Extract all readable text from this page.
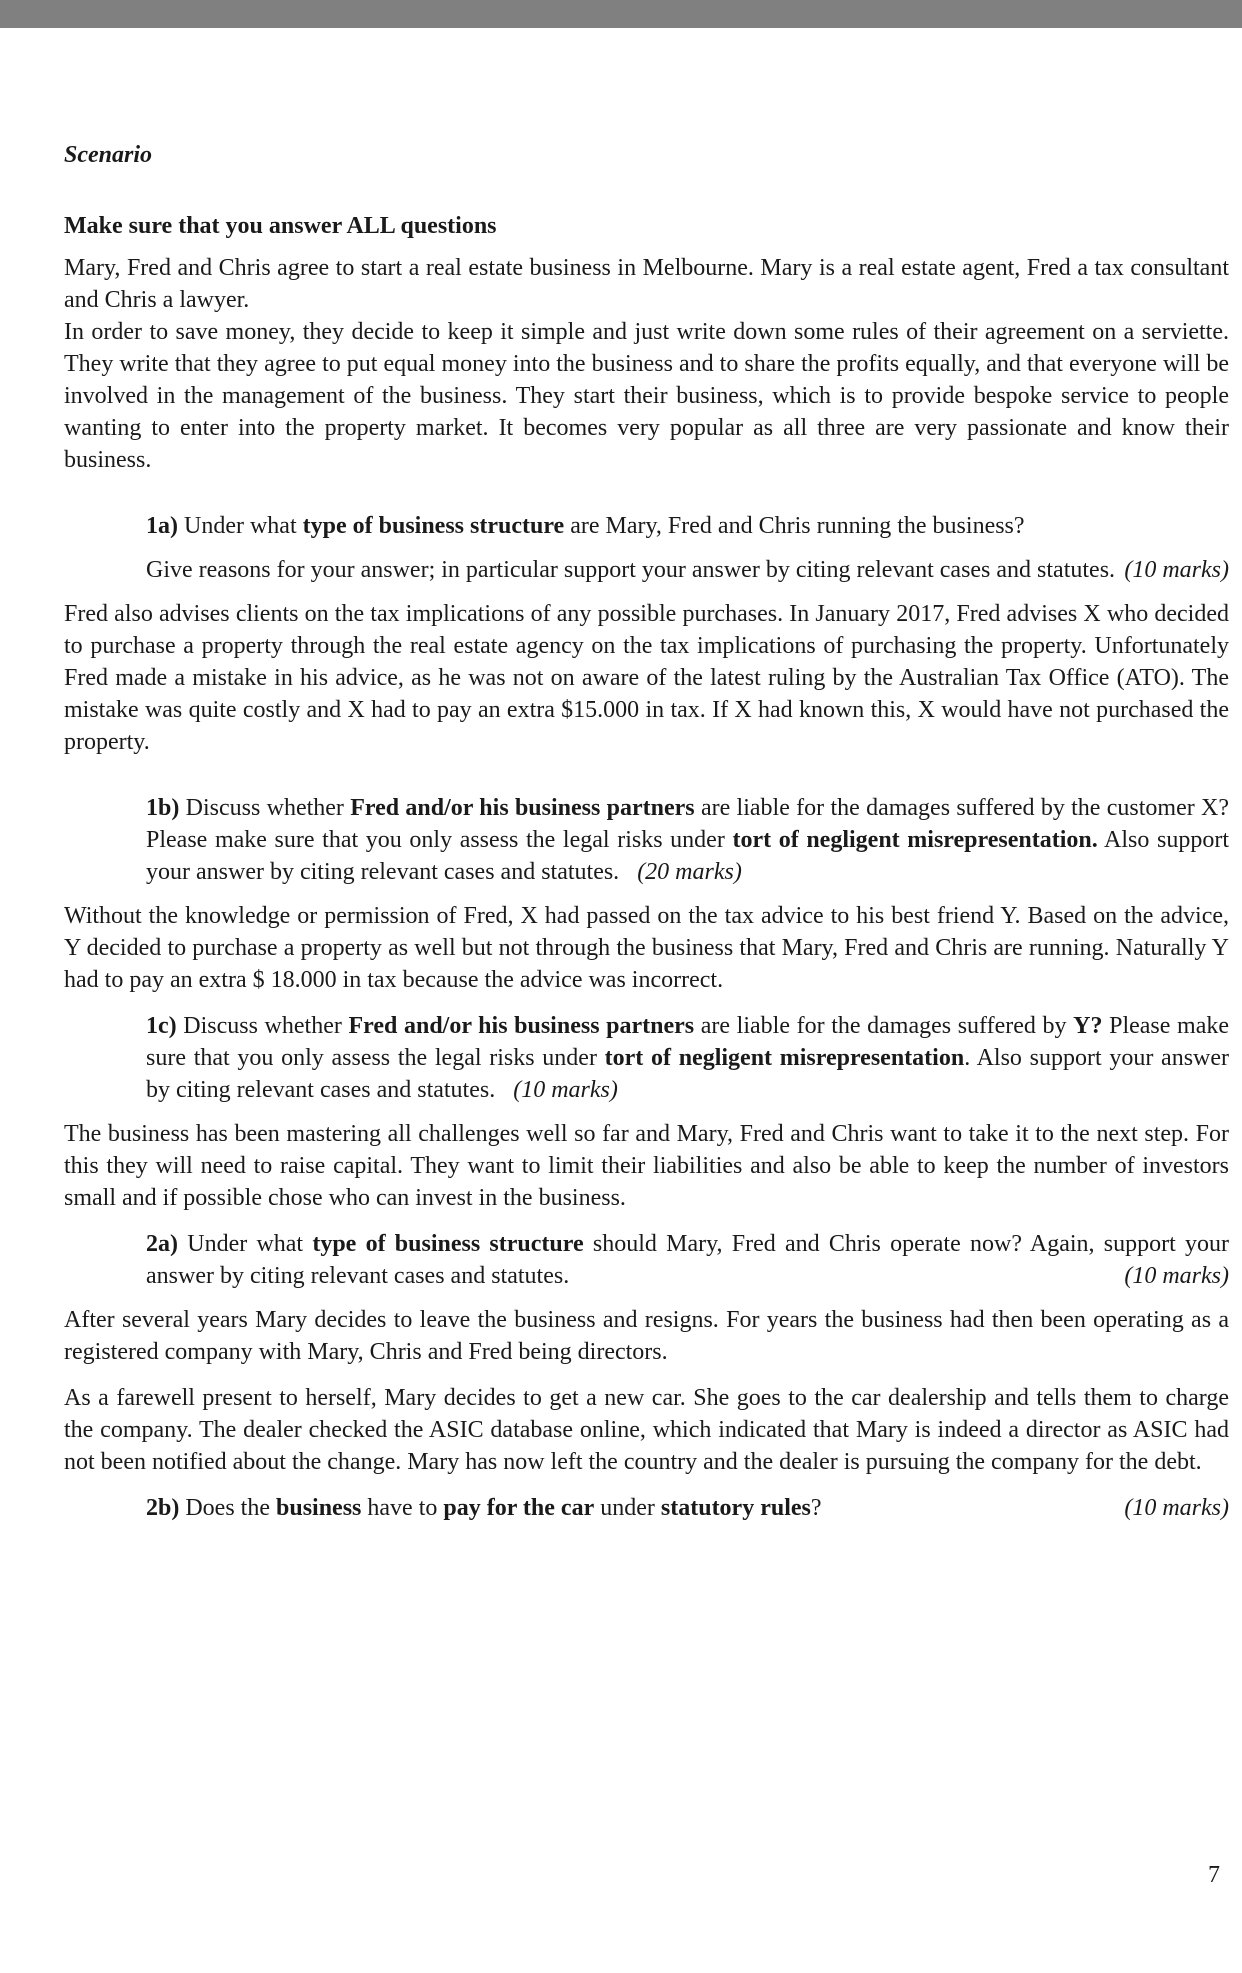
Scenario
Make sure that you answer ALL questions

Mary, Fred and Chris agree to start a real estate business in Melbourne. Mary is a real estate agent, Fred a tax consultant and Chris a lawyer.

In order to save money, they decide to keep it simple and just write down some rules of their agreement on a serviette. They write that they agree to put equal money into the business and to share the profits equally, and that everyone will be involved in the management of the business. They start their business, which is to provide bespoke service to people wanting to enter into the property market. It becomes very popular as all three are very passionate and know their business.

1a) Under what type of business structure are Mary, Fred and Chris running the business?

Give reasons for your answer; in particular support your answer by citing relevant cases and statutes. (10 marks)

Fred also advises clients on the tax implications of any possible purchases. In January 2017, Fred advises X who decided to purchase a property through the real estate agency on the tax implications of purchasing the property. Unfortunately Fred made a mistake in his advice, as he was not on aware of the latest ruling by the Australian Tax Office (ATO). The mistake was quite costly and X had to pay an extra $15.000 in tax. If X had known this, X would have not purchased the property.

1b) Discuss whether Fred and/or his business partners are liable for the damages suffered by the customer X? Please make sure that you only assess the legal risks under tort of negligent misrepresentation. Also support your answer by citing relevant cases and statutes. (20 marks)

Without the knowledge or permission of Fred, X had passed on the tax advice to his best friend Y. Based on the advice, Y decided to purchase a property as well but not through the business that Mary, Fred and Chris are running. Naturally Y had to pay an extra $ 18.000 in tax because the advice was incorrect.

1c) Discuss whether Fred and/or his business partners are liable for the damages suffered by Y? Please make sure that you only assess the legal risks under tort of negligent misrepresentation. Also support your answer by citing relevant cases and statutes. (10 marks)

The business has been mastering all challenges well so far and Mary, Fred and Chris want to take it to the next step. For this they will need to raise capital. They want to limit their liabilities and also be able to keep the number of investors small and if possible chose who can invest in the business.

2a) Under what type of business structure should Mary, Fred and Chris operate now? Again, support your answer by citing relevant cases and statutes.	(10 marks)

After several years Mary decides to leave the business and resigns. For years the business had then been operating as a registered company with Mary, Chris and Fred being directors.

As a farewell present to herself, Mary decides to get a new car. She goes to the car dealership and tells them to charge the company. The dealer checked the ASIC database online, which indicated that Mary is indeed a director as ASIC had not been notified about the change. Mary has now left the country and the dealer is pursuing the company for the debt.

2b) Does the business have to pay for the car under statutory rules?	(10 marks)

7
